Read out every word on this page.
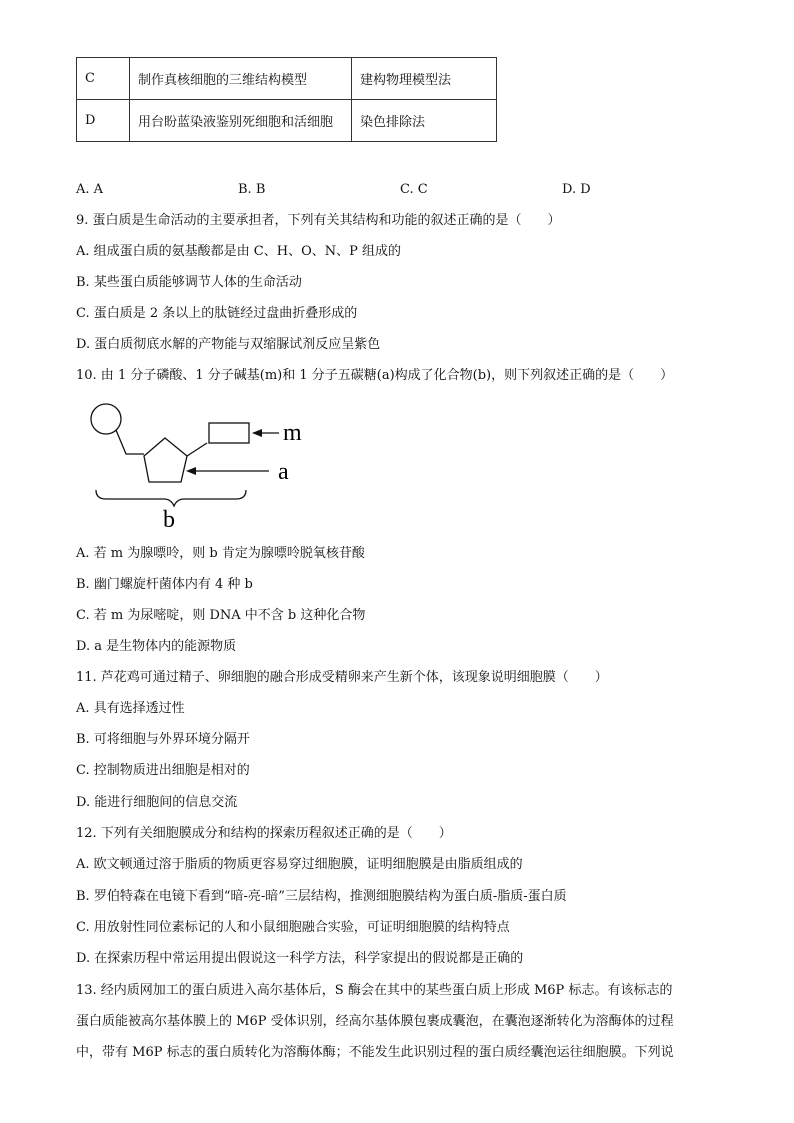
C	制作真核细胞的三维结构模型	建构物理模型法
D	用台盼蓝染液鉴别死细胞和活细胞	染色排除法
A. A	B. B	C. C	D. D
9. 蛋白质是生命活动的主要承担者，下列有关其结构和功能的叙述正确的是（　　）
A. 组成蛋白质的氨基酸都是由 C、H、O、N、P 组成的
B. 某些蛋白质能够调节人体的生命活动
C. 蛋白质是 2 条以上的肽链经过盘曲折叠形成的
D. 蛋白质彻底水解的产物能与双缩脲试剂反应呈紫色
10. 由 1 分子磷酸、1 分子碱基(m)和 1 分子五碳糖(a)构成了化合物(b)，则下列叙述正确的是（　　）
m
a
b
A. 若 m 为腺嘌呤，则 b 肯定为腺嘌呤脱氧核苷酸
B. 幽门螺旋杆菌体内有 4 种 b
C. 若 m 为尿嘧啶，则 DNA 中不含 b 这种化合物
D. a 是生物体内的能源物质
11. 芦花鸡可通过精子、卵细胞的融合形成受精卵来产生新个体，该现象说明细胞膜（　　）
A. 具有选择透过性
B. 可将细胞与外界环境分隔开
C. 控制物质进出细胞是相对的
D. 能进行细胞间的信息交流
12. 下列有关细胞膜成分和结构的探索历程叙述正确的是（　　）
A. 欧文顿通过溶于脂质的物质更容易穿过细胞膜，证明细胞膜是由脂质组成的
B. 罗伯特森在电镜下看到“暗-亮-暗”三层结构，推测细胞膜结构为蛋白质-脂质-蛋白质
C. 用放射性同位素标记的人和小鼠细胞融合实验，可证明细胞膜的结构特点
D. 在探索历程中常运用提出假说这一科学方法，科学家提出的假说都是正确的
13. 经内质网加工的蛋白质进入高尔基体后，S 酶会在其中的某些蛋白质上形成 M6P 标志。有该标志的
蛋白质能被高尔基体膜上的 M6P 受体识别，经高尔基体膜包裹成囊泡，在囊泡逐渐转化为溶酶体的过程
中，带有 M6P 标志的蛋白质转化为溶酶体酶；不能发生此识别过程的蛋白质经囊泡运往细胞膜。下列说
